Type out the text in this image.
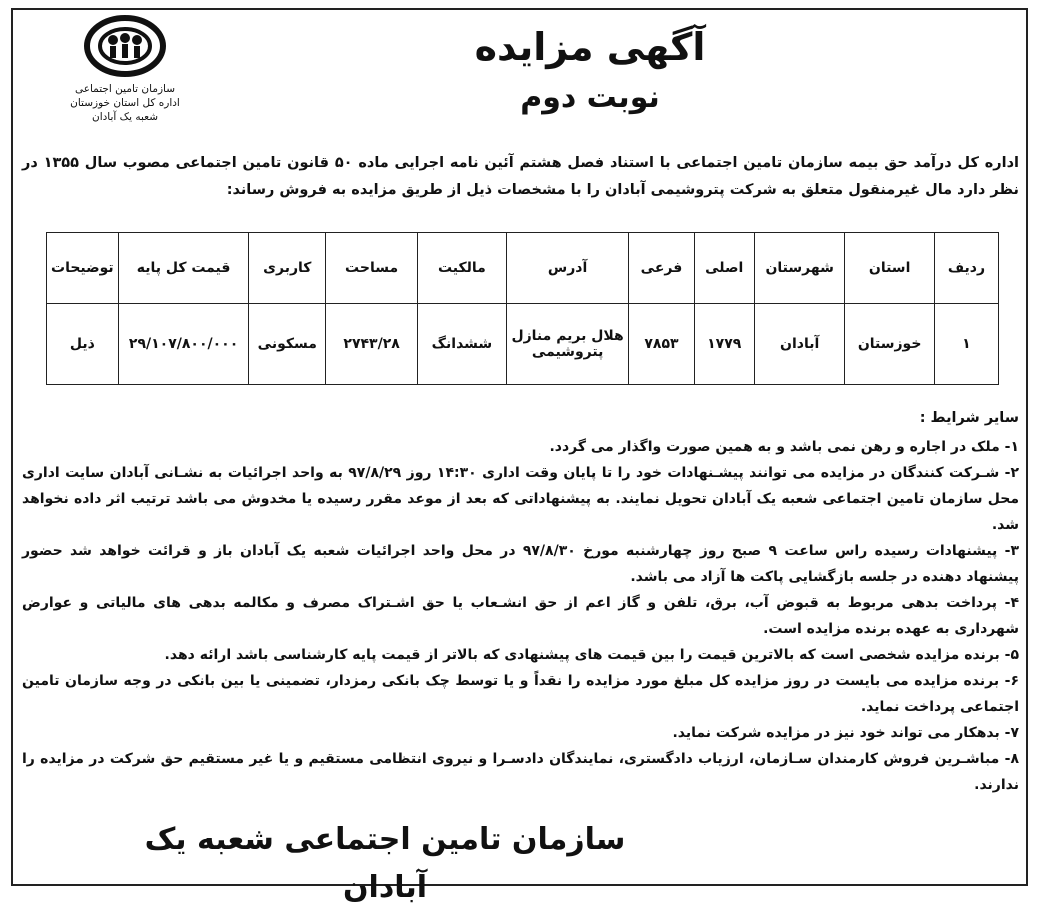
سازمان تامین اجتماعی
اداره کل استان خوزستان
شعبه یک آبادان
آگهی مزایده
نوبت دوم
اداره کل درآمد حق بیمه سازمان تامین اجتماعی با استناد فصل هشتم آئین نامه اجرایی ماده ۵۰ قانون تامین اجتماعی مصوب سال ۱۳۵۵ در نظر دارد مال غیرمنقول متعلق به شرکت پتروشیمی آبادان را با مشخصات ذیل از طریق مزایده به فروش رساند:
ردیف	استان	شهرستان	اصلی	فرعی	آدرس	مالکیت	مساحت	کاربری	قیمت کل پایه	توضیحات
۱	خوزستان	آبادان	۱۷۷۹	۷۸۵۳	هلال بریم منازل پتروشیمی	ششدانگ	۲۷۴۳/۲۸	مسکونی	۲۹/۱۰۷/۸۰۰/۰۰۰	ذیل
سایر شرایط :

۱- ملک در اجاره و رهن نمی باشد و به همین صورت واگذار می گردد.

۲- شـرکت کنندگان در مزایده می توانند پیشـنهادات خود را تا پایان وقت اداری ۱۴:۳۰ روز ۹۷/۸/۲۹ به واحد اجرائیات به نشـانی آبادان سایت اداری محل سازمان تامین اجتماعی شعبه یک آبادان تحویل نمایند. به پیشنهاداتی که بعد از موعد مقرر رسیده یا مخدوش می باشد ترتیب اثر داده نخواهد شد.

۳- پیشنهادات رسیده راس ساعت ۹ صبح روز چهارشنبه مورخ ۹۷/۸/۳۰ در محل واحد اجرائیات شعبه یک آبادان باز و قرائت خواهد شد حضور پیشنهاد دهنده در جلسه بازگشایی پاکت ها آزاد می باشد.

۴- پرداخت بدهی مربوط به قبوض آب، برق، تلفن و گاز اعم از حق انشـعاب یا حق اشـتراک مصرف و مکالمه بدهی های مالیاتی و عوارض شهرداری به عهده برنده مزایده است.

۵- برنده مزایده شخصی است که بالاترین قیمت را بین قیمت های پیشنهادی که بالاتر از قیمت پایه کارشناسی باشد ارائه دهد.

۶- برنده مزایده می بایست در روز مزایده کل مبلغ مورد مزایده را نقداً و یا توسط چک بانکی رمزدار، تضمینی یا بین بانکی در وجه سازمان تامین اجتماعی پرداخت نماید.

۷- بدهکار می تواند خود نیز در مزایده شرکت نماید.

۸- مباشـرین فروش کارمندان سـازمان، ارزیاب دادگستری، نمایندگان دادسـرا و نیروی انتظامی مستقیم و یا غیر مستقیم حق شرکت در مزایده را ندارند.

سازمان تامین اجتماعی شعبه یک آبادان
